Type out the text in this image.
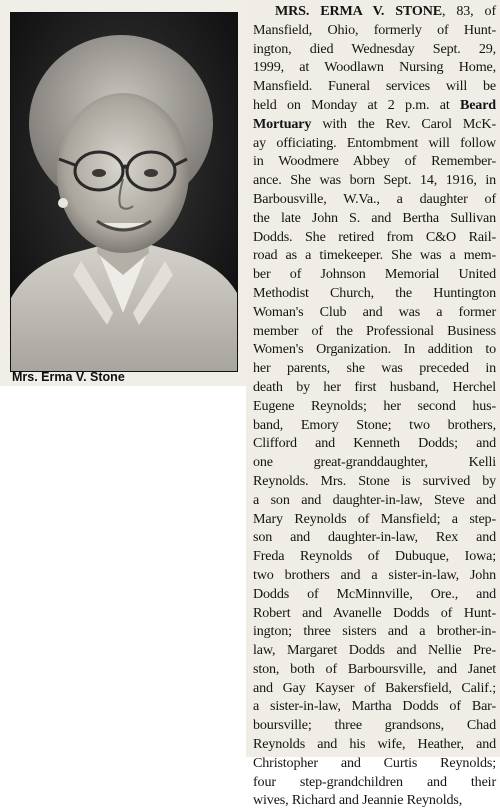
Mrs. Erma V. Stone
MRS. ERMA V. STONE, 83, of
Mansfield, Ohio, formerly of Hunt-
ington, died Wednesday Sept. 29,
1999, at Woodlawn Nursing Home,
Mansfield. Funeral services will be
held on Monday at 2 p.m. at Beard
Mortuary with the Rev. Carol McK-
ay officiating. Entombment will follow
in Woodmere Abbey of Remember-
ance. She was born Sept. 14, 1916, in
Barbousville, W.Va., a daughter of
the late John S. and Bertha Sullivan
Dodds. She retired from C&O Rail-
road as a timekeeper. She was a mem-
ber of Johnson Memorial United
Methodist Church, the Huntington
Woman's Club and was a former
member of the Professional Business
Women's Organization. In addition to
her parents, she was preceded in
death by her first husband, Herchel
Eugene Reynolds; her second hus-
band, Emory Stone; two brothers,
Clifford and Kenneth Dodds; and
one great-granddaughter, Kelli
Reynolds. Mrs. Stone is survived by
a son and daughter-in-law, Steve and
Mary Reynolds of Mansfield; a step-
son and daughter-in-law, Rex and
Freda Reynolds of Dubuque, Iowa;
two brothers and a sister-in-law, John
Dodds of McMinnville, Ore., and
Robert and Avanelle Dodds of Hunt-
ington; three sisters and a brother-in-
law, Margaret Dodds and Nellie Pre-
ston, both of Barboursville, and Janet
and Gay Kayser of Bakersfield, Calif.;
a sister-in-law, Martha Dodds of Bar-
boursville; three grandsons, Chad
Reynolds and his wife, Heather, and
Christopher and Curtis Reynolds;
four step-grandchildren and their
wives, Richard and Jeannie Reynolds,
